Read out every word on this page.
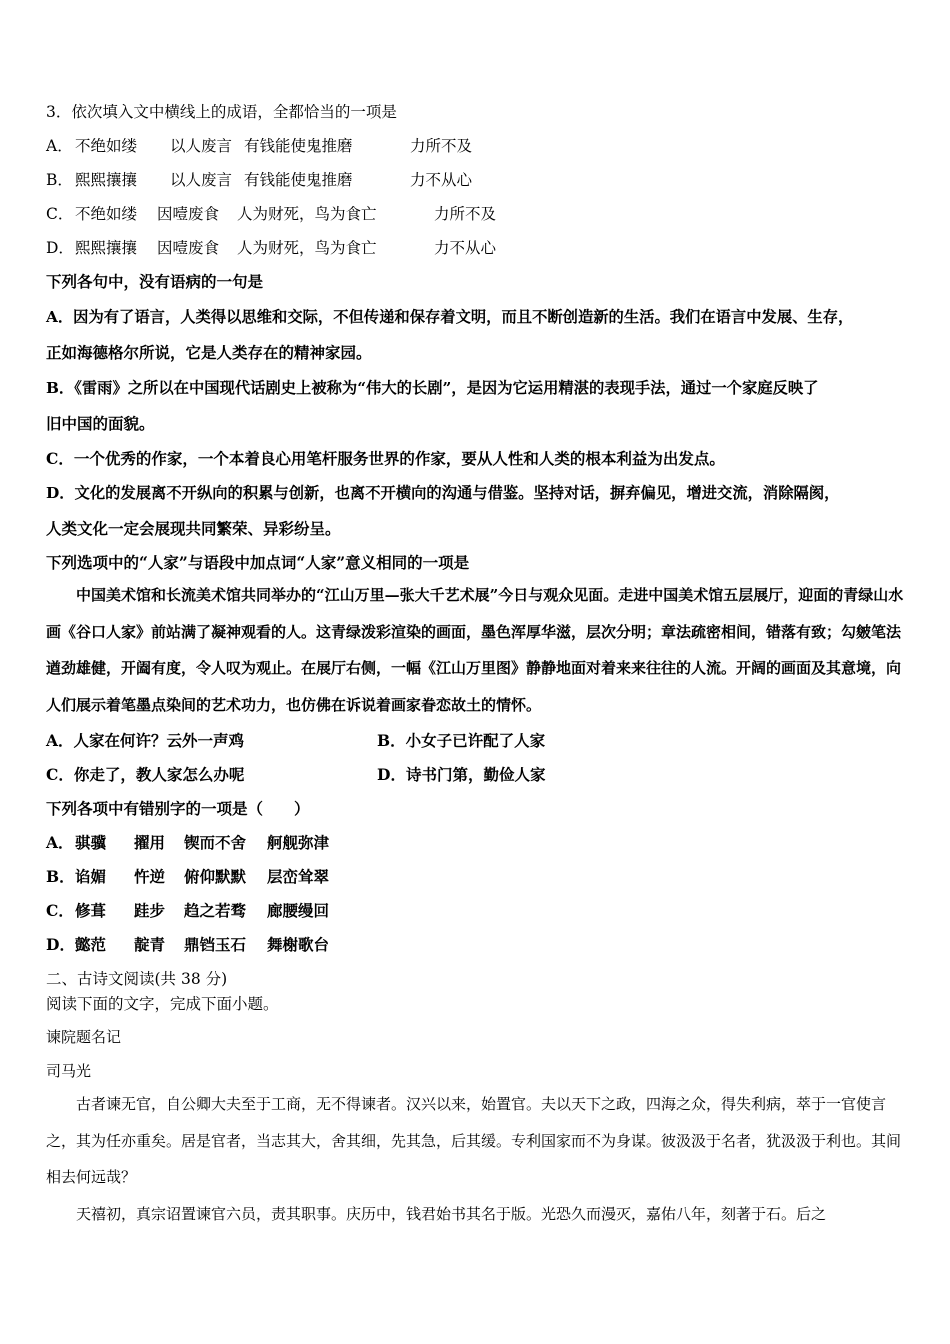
3．依次填入文中横线上的成语，全都恰当的一项是
A． 不绝如缕 以人废言 有钱能使鬼推磨	力所不及
B． 熙熙攘攘 以人废言 有钱能使鬼推磨	力不从心
C． 不绝如缕 因噎废食 人为财死，鸟为食亡	力所不及
D．熙熙攘攘 因噎废食 人为财死，鸟为食亡	力不从心
下列各句中，没有语病的一句是
A．因为有了语言，人类得以思维和交际，不但传递和保存着文明，而且不断创造新的生活。我们在语言中发展、生存，
正如海德格尔所说，它是人类存在的精神家园。
B．《雷雨》之所以在中国现代话剧史上被称为“伟大的长剧”，是因为它运用精湛的表现手法，通过一个家庭反映了
旧中国的面貌。
C．一个优秀的作家，一个本着良心用笔杆服务世界的作家，要从人性和人类的根本利益为出发点。
D．文化的发展离不开纵向的积累与创新，也离不开横向的沟通与借鉴。坚持对话，摒弃偏见，增进交流，消除隔阂，
人类文化一定会展现共同繁荣、异彩纷呈。
下列选项中的“人家”与语段中加点词“人家”意义相同的一项是

中国美术馆和长流美术馆共同举办的“江山万里—张大千艺术展”今日与观众见面。走进中国美术馆五层展厅，迎面的青绿山水画《谷口人家》前站满了凝神观看的人。这青绿泼彩渲染的画面，墨色浑厚华滋，层次分明；章法疏密相间，错落有致；勾皴笔法遒劲雄健，开阖有度，令人叹为观止。在展厅右侧，一幅《江山万里图》静静地面对着来来往往的人流。开阔的画面及其意境，向人们展示着笔墨点染间的艺术功力，也仿佛在诉说着画家眷恋故土的情怀。

A．人家在何许？云外一声鸡	B．小女子已许配了人家
C．你走了，教人家怎么办呢	D．诗书门第，勤俭人家
下列各项中有错别字的一项是（　　）
A．骐骥 擢用 锲而不舍 舸舰弥津
B．谄媚 忤逆 俯仰默默 层峦耸翠
C．修葺 跬步 趋之若骛 廊腰缦回
D．懿范 靛青 鼎铛玉石 舞榭歌台
二、古诗文阅读(共 38 分)
阅读下面的文字，完成下面小题。
谏院题名记
司马光

古者谏无官，自公卿大夫至于工商，无不得谏者。汉兴以来，始置官。夫以天下之政，四海之众，得失利病，萃于一官使言之，其为任亦重矣。居是官者，当志其大，舍其细，先其急，后其缓。专利国家而不为身谋。彼汲汲于名者，犹汲汲于利也。其间相去何远哉？

天禧初，真宗诏置谏官六员，责其职事。庆历中，钱君始书其名于版。光恐久而漫灭，嘉佑八年，刻著于石。后之
